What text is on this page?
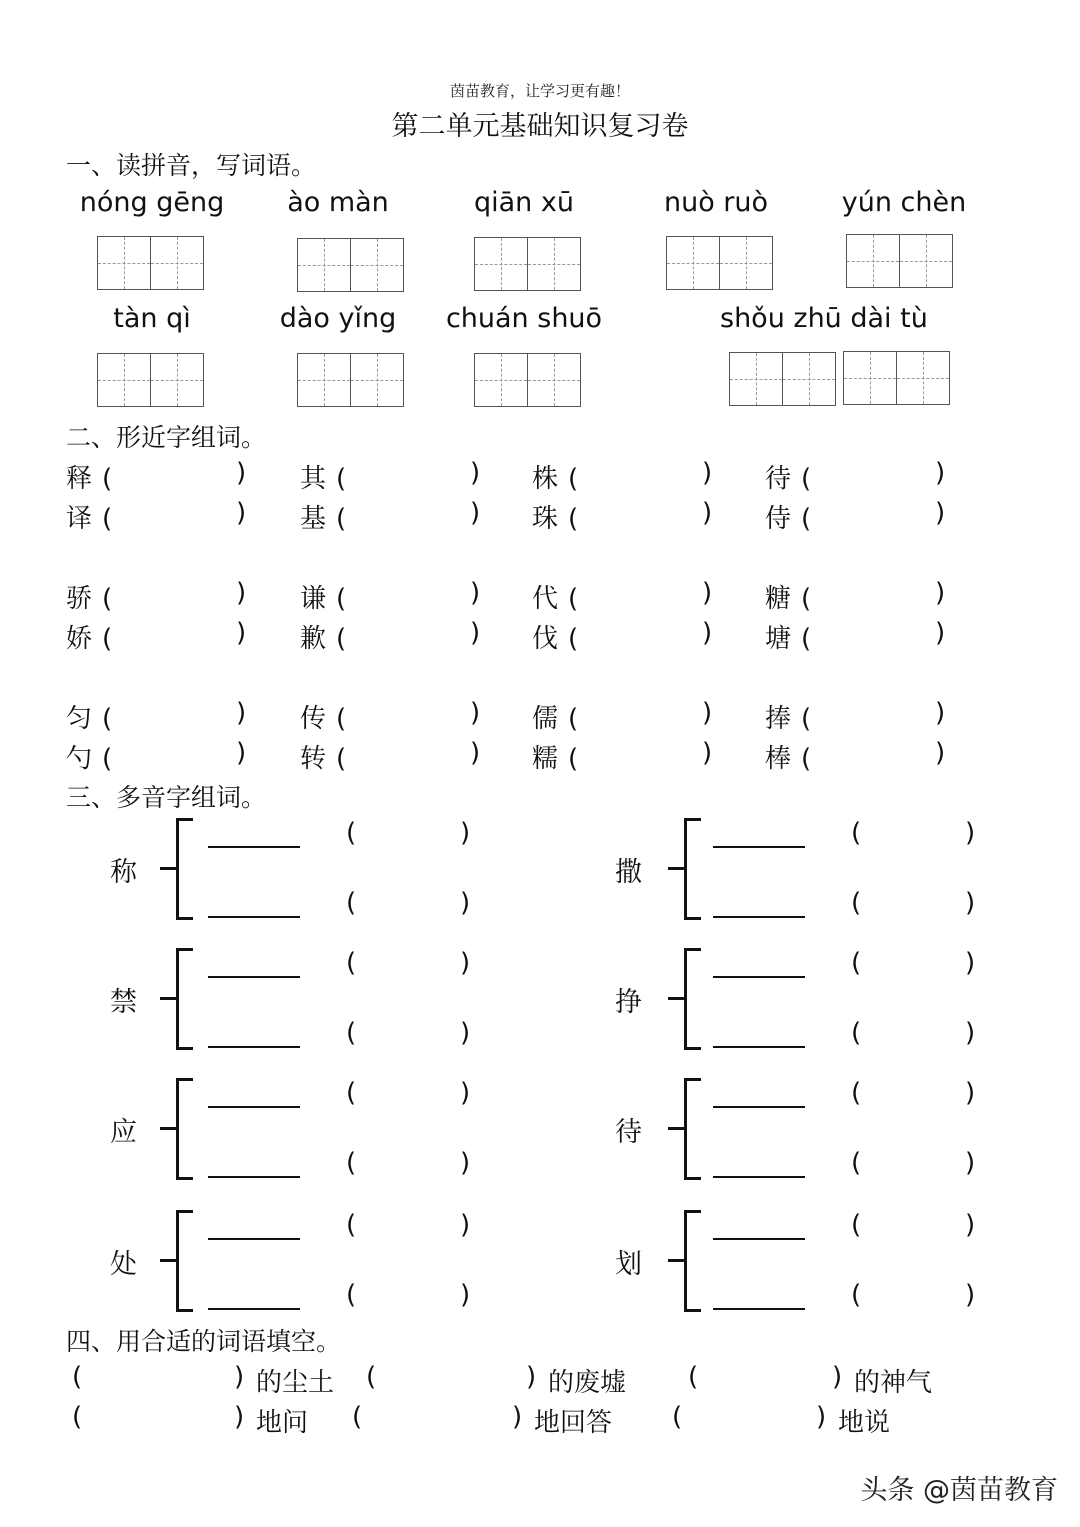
茵苗教育，让学习更有趣！
第二单元基础知识复习卷
一、读拼音，写词语。
nóng gēng	ào màn	qiān xū	nuò ruò	yún chèn
tàn qì	dào yǐng	chuán shuō	shǒu zhū dài tù
二、形近字组词。
释 (	) 其 (	) 株 (	) 待 (	)
译 (	) 基 (	) 珠 (	) 侍 (	)
骄 (	) 谦 (	) 代 (	) 糖 (	)
娇 (	) 歉 (	) 伐 (	) 塘 (	)
匀 (	) 传 (	) 儒 (	) 捧 (	)
勺 (	) 转 (	) 糯 (	) 棒 (	)
三、多音字组词。
称
(	)
(	)
禁
(	)
(	)
应
(	)
(	)
处
(	)
(	)
撒
(	)
(	)
挣
(	)
(	)
待
(	)
(	)
划
(	)
(	)
四、用合适的词语填空。
(	) 的尘土 (	) 的废墟 (	) 的神气
(	) 地问 (	) 地回答 (	) 地说
头条 @茵苗教育
